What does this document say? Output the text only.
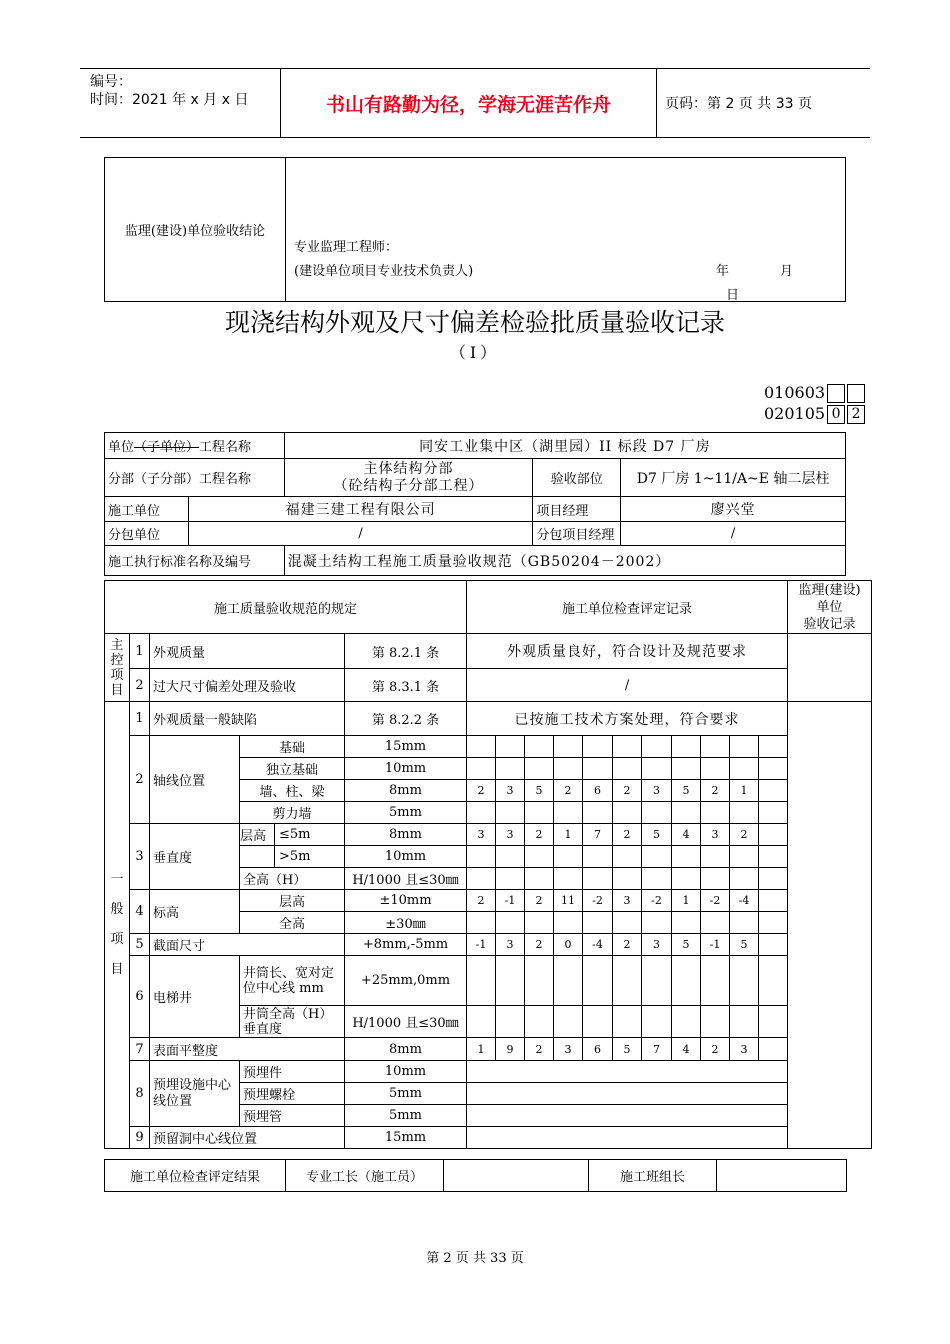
编号：
时间：2021 年 x 月 x 日	书山有路勤为径，学海无涯苦作舟	页码：第 2 页 共 33 页
监理(建设)单位验收结论	
专业监理工程师：
(建设单位项目专业技术负责人)	年	月
日
现浇结构外观及尺寸偏差检验批质量验收记录
（Ⅰ）
010603
020105 0 2
单位（子单位）工程名称		同安工业集中区（湖里园）II 标段 D7 厂房		
分部（子分部）工程名称		主体结构分部
（砼结构子分部工程）	验收部位	D7 厂房 1~11/A~E 轴二层柱
施工单位	福建三建工程有限公司		项目经理	廖兴堂
分包单位	/		分包项目经理	/
施工执行标准名称及编号		混凝土结构工程施工质量验收规范（GB50204－2002）		
施工质量验收规范的规定					施工单位检查评定记录											监理(建设)
单位
验收记录

主
控
项
目	1	外观质量		第 8.2.1 条	外观质量良好，符合设计及规范要求											
	2	过大尺寸偏差处理及验收		第 8.3.1 条	/											

一
般
项
目	1	外观质量一般缺陷		第 8.2.2 条	已按施工技术方案处理，符合要求											
	2	轴线位置	基础	15mm												
			独立基础	10mm												
			墙、柱、梁	8mm	2	3	5	2	6	2	3	5	2	1		
			剪力墙	5mm												
	3	垂直度	层高 ≤5m	8mm	3	3	2	1	7	2	5	4	3	2		

			>5m	10mm												
			全高（H）	H/1000 且≤30㎜												
	4	标高	层高	±10mm	2	-1	2	11	-2	3	-2	1	-2	-4		
			全高	±30㎜												
	5	截面尺寸		+8mm,-5mm	-1	3	2	0	-4	2	3	5	-1	5		
	6	电梯井	井筒长、宽对定位中心线 mm	+25mm,0mm												
			井筒全高（H）垂直度	H/1000 且≤30㎜												
	7	表面平整度		8mm	1	9	2	3	6	5	7	4	2	3		
	8	预埋设施中心线位置	预埋件	10mm												
			预埋螺栓	5mm												
			预埋管	5mm												
	9	预留洞中心线位置		15mm												
施工单位检查评定结果	专业工长（施工员）		施工班组长	
第 2 页 共 33 页
